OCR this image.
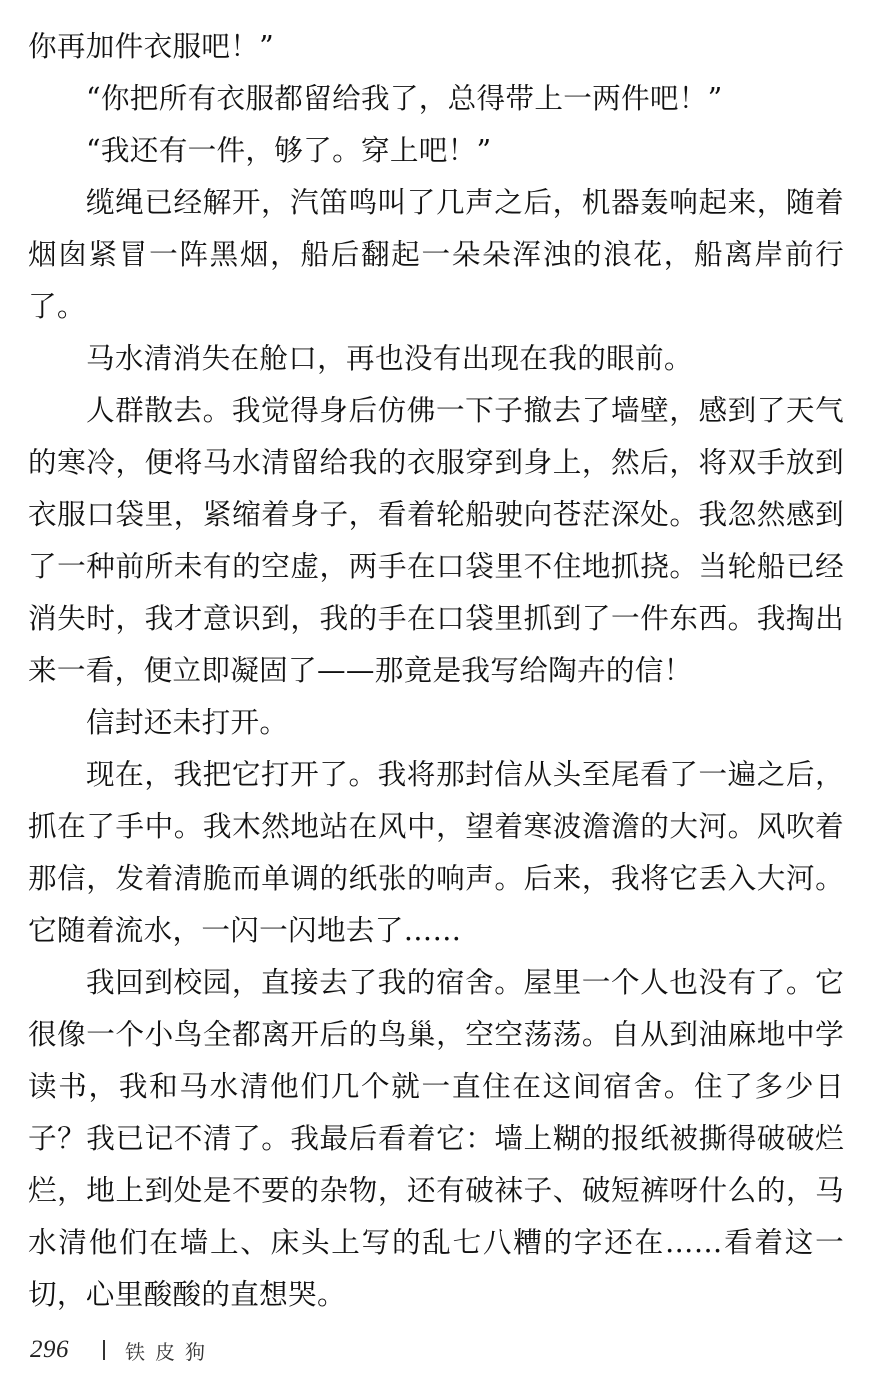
你再加件衣服吧！”

“你把所有衣服都留给我了，总得带上一两件吧！”

“我还有一件，够了。穿上吧！”

缆绳已经解开，汽笛鸣叫了几声之后，机器轰响起来，随着烟囱紧冒一阵黑烟，船后翻起一朵朵浑浊的浪花，船离岸前行了。

马水清消失在舱口，再也没有出现在我的眼前。

人群散去。我觉得身后仿佛一下子撤去了墙壁，感到了天气的寒冷，便将马水清留给我的衣服穿到身上，然后，将双手放到衣服口袋里，紧缩着身子，看着轮船驶向苍茫深处。我忽然感到了一种前所未有的空虚，两手在口袋里不住地抓挠。当轮船已经消失时，我才意识到，我的手在口袋里抓到了一件东西。我掏出来一看，便立即凝固了——那竟是我写给陶卉的信！

信封还未打开。

现在，我把它打开了。我将那封信从头至尾看了一遍之后，抓在了手中。我木然地站在风中，望着寒波澹澹的大河。风吹着那信，发着清脆而单调的纸张的响声。后来，我将它丢入大河。它随着流水，一闪一闪地去了……

我回到校园，直接去了我的宿舍。屋里一个人也没有了。它很像一个小鸟全都离开后的鸟巢，空空荡荡。自从到油麻地中学读书，我和马水清他们几个就一直住在这间宿舍。住了多少日子？我已记不清了。我最后看着它：墙上糊的报纸被撕得破破烂烂，地上到处是不要的杂物，还有破袜子、破短裤呀什么的，马水清他们在墙上、床头上写的乱七八糟的字还在……看着这一切，心里酸酸的直想哭。

296	铁皮狗
